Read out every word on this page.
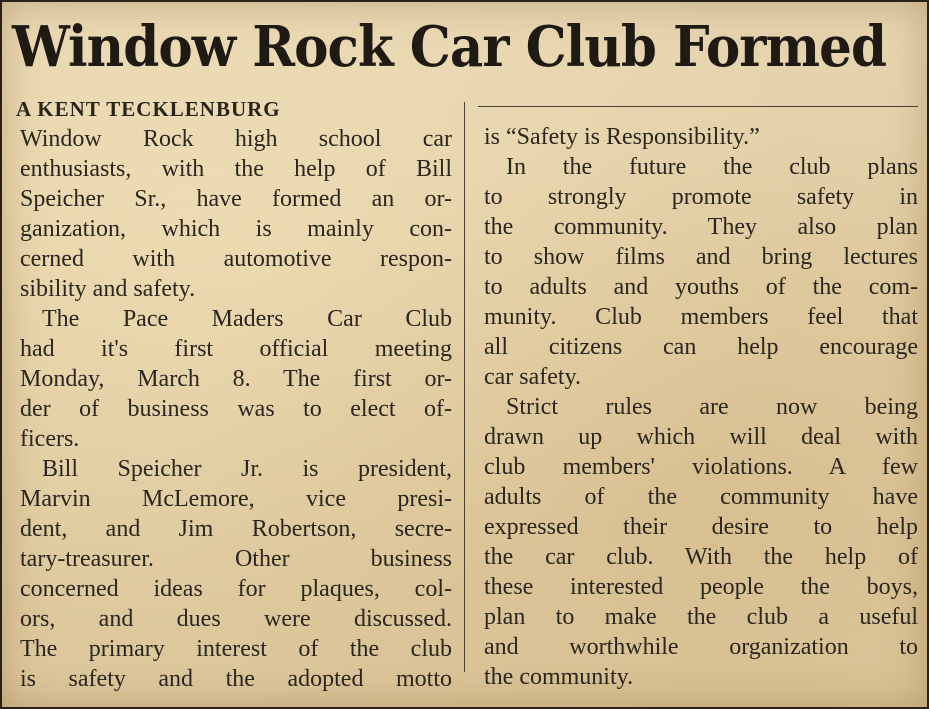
Window Rock Car Club Formed
A KENT TECKLENBURG
Window Rock high school car
enthusiasts, with the help of Bill
Speicher Sr., have formed an or-
ganization, which is mainly con-
cerned with automotive respon-
sibility and safety.
The Pace Maders Car Club
had it's first official meeting
Monday, March 8. The first or-
der of business was to elect of-
ficers.
Bill Speicher Jr. is president,
Marvin McLemore, vice presi-
dent, and Jim Robertson, secre-
tary-treasurer. Other business
concerned ideas for plaques, col-
ors, and dues were discussed.
The primary interest of the club
is safety and the adopted motto
is “Safety is Responsibility.”
In the future the club plans
to strongly promote safety in
the community. They also plan
to show films and bring lectures
to adults and youths of the com-
munity. Club members feel that
all citizens can help encourage
car safety.
Strict rules are now being
drawn up which will deal with
club members' violations. A few
adults of the community have
expressed their desire to help
the car club. With the help of
these interested people the boys,
plan to make the club a useful
and worthwhile organization to
the community.
